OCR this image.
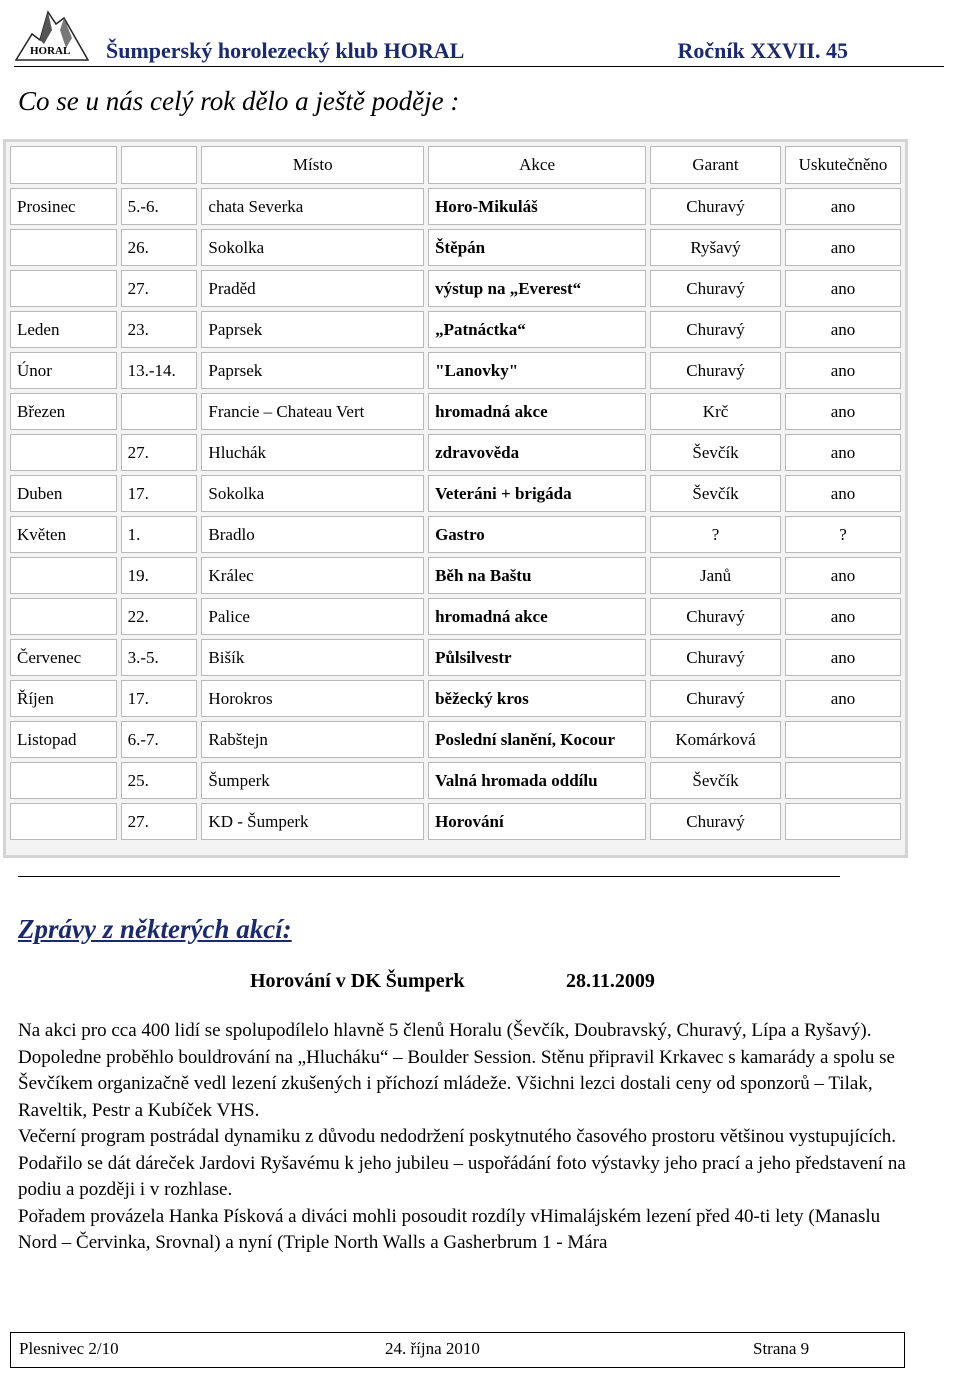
HORAL Šumperský horolezecký klub HORAL	Ročník XXVII. 45
Co se u nás celý rok dělo a ještě poděje :
		Místo	Akce	Garant	Uskutečněno
Prosinec	5.-6.	chata Severka	Horo-Mikuláš	Churavý	ano
	26.	Sokolka	Štěpán	Ryšavý	ano
	27.	Praděd	výstup na „Everest“	Churavý	ano
Leden	23.	Paprsek	„Patnáctka“	Churavý	ano
Únor	13.-14.	Paprsek	"Lanovky"	Churavý	ano
Březen		Francie – Chateau Vert	hromadná akce	Krč	ano
	27.	Hluchák	zdravověda	Ševčík	ano
Duben	17.	Sokolka	Veteráni + brigáda	Ševčík	ano
Květen	1.	Bradlo	Gastro	?	?
	19.	Králec	Běh na Baštu	Janů	ano
	22.	Palice	hromadná akce	Churavý	ano
Červenec	3.-5.	Bišík	Půlsilvestr	Churavý	ano
Říjen	17.	Horokros	běžecký kros	Churavý	ano
Listopad	6.-7.	Rabštejn	Poslední slanění, Kocour	Komárková	
	25.	Šumperk	Valná hromada oddílu	Ševčík	
	27.	KD - Šumperk	Horování	Churavý	
Zprávy z některých akcí:
Horování v DK Šumperk	28.11.2009

Na akci pro cca 400 lidí se spolupodílelo hlavně 5 členů Horalu (Ševčík, Doubravský, Churavý, Lípa a Ryšavý).

Dopoledne proběhlo bouldrování na „Hlucháku“ – Boulder Session. Stěnu připravil Krkavec s kamarády a spolu se Ševčíkem organizačně vedl lezení zkušených i příchozí mládeže. Všichni lezci dostali ceny od sponzorů – Tilak, Raveltik, Pestr a Kubíček VHS.

Večerní program postrádal dynamiku z důvodu nedodržení poskytnutého časového prostoru většinou vystupujících.

Podařilo se dát dáreček Jardovi Ryšavému k jeho jubileu – uspořádání foto výstavky jeho prací a jeho představení na podiu a později i v rozhlase.

Pořadem provázela Hanka Písková a diváci mohli posoudit rozdíly vHimalájském lezení před 40-ti lety (Manaslu Nord – Červinka, Srovnal) a nyní (Triple North Walls a Gasherbrum 1 - Mára

Plesnivec 2/10	24. října 2010	Strana 9
